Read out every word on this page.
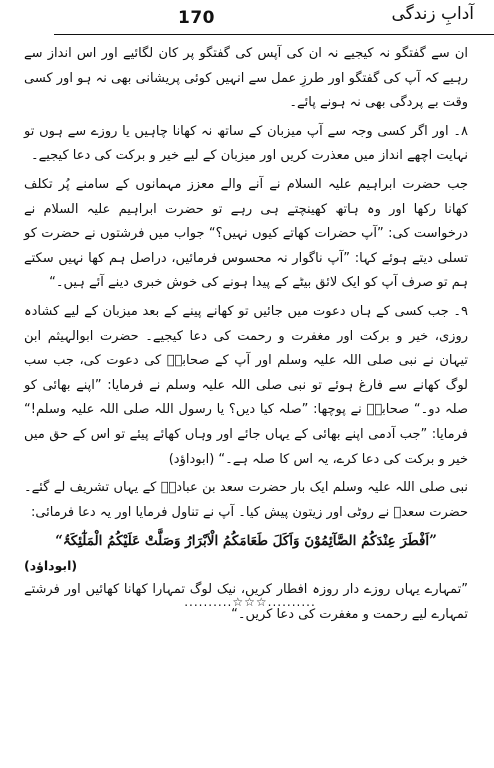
170	آدابِ زندگی

ان سے گفتگو نہ کیجیے نہ ان کی آپس کی گفتگو پر کان لگائیے اور اس انداز سے رہیے کہ آپ کی گفتگو اور طرزِ عمل سے انہیں کوئی پریشانی بھی نہ ہو اور کسی وقت بے پردگی بھی نہ ہونے پائے۔

۸۔ اور اگر کسی وجہ سے آپ میزبان کے ساتھ نہ کھانا چاہیں یا روزے سے ہوں تو نہایت اچھے انداز میں معذرت کریں اور میزبان کے لیے خیر و برکت کی دعا کیجیے۔

جب حضرت ابراہیم علیہ السلام نے آنے والے معزز مہمانوں کے سامنے پُر تکلف کھانا رکھا اور وہ ہاتھ کھینچتے ہی رہے تو حضرت ابراہیم علیہ السلام نے درخواست کی: ”آپ حضرات کھاتے کیوں نہیں؟“ جواب میں فرشتوں نے حضرت کو تسلی دیتے ہوئے کہا: ”آپ ناگوار نہ محسوس فرمائیں، دراصل ہم کھا نہیں سکتے ہم تو صرف آپ کو ایک لائق بیٹے کے پیدا ہونے کی خوش خبری دینے آئے ہیں۔“

۹۔ جب کسی کے ہاں دعوت میں جائیں تو کھانے پینے کے بعد میزبان کے لیے کشادہ روزی، خیر و برکت اور مغفرت و رحمت کی دعا کیجیے۔ حضرت ابوالہیثم ابن تیہان نے نبی صلی اللہ علیہ وسلم اور آپ کے صحابہؓ کی دعوت کی، جب سب لوگ کھانے سے فارغ ہوئے تو نبی صلی اللہ علیہ وسلم نے فرمایا: ”اپنے بھائی کو صلہ دو۔“ صحابہؓ نے پوچھا: ”صلہ کیا دیں؟ یا رسول اللہ صلی اللہ علیہ وسلم!“ فرمایا: ”جب آدمی اپنے بھائی کے یہاں جائے اور وہاں کھائے پیئے تو اس کے حق میں خیر و برکت کی دعا کرے، یہ اس کا صلہ ہے۔“ (ابوداؤد)

نبی صلی اللہ علیہ وسلم ایک بار حضرت سعد بن عبادہؓ کے یہاں تشریف لے گئے۔ حضرت سعدؓ نے روٹی اور زیتون پیش کیا۔ آپ نے تناول فرمایا اور یہ دعا فرمائی:

”اَفْطَرَ عِنْدَکُمُ الصَّآئِمُوْنَ وَاَکَلَ طَعَامَکُمُ الْاَبْرَارُ وَصَلَّتْ عَلَیْکُمُ الْمَلٰٓئِکَۃُ“
(ابوداؤد)

”تمہارے یہاں روزے دار روزہ افطار کریں، نیک لوگ تمہارا کھانا کھائیں اور فرشتے تمہارے لیے رحمت و مغفرت کی دعا کریں۔“

..........☆☆☆..........
